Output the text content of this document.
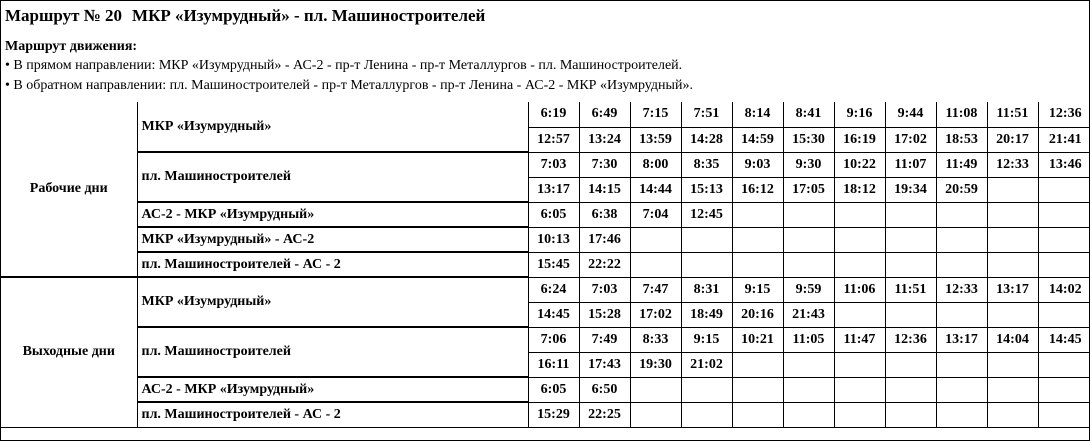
Маршрут № 20 МКР «Изумрудный» - пл. Машиностроителей

Маршрут движения:

• В прямом направлении: МКР «Изумрудный» - АС-2 - пр-т Ленина - пр-т Металлургов - пл. Машиностроителей.

• В обратном направлении: пл. Машиностроителей - пр-т Металлургов - пр-т Ленина - АС-2 - МКР «Изумрудный».

Рабочие дни	МКР «Изумрудный»	6:19	6:49	7:15	7:51	8:14	8:41	9:16	9:44	11:08	11:51	12:36
		12:57	13:24	13:59	14:28	14:59	15:30	16:19	17:02	18:53	20:17	21:41
	пл. Машиностроителей	7:03	7:30	8:00	8:35	9:03	9:30	10:22	11:07	11:49	12:33	13:46
		13:17	14:15	14:44	15:13	16:12	17:05	18:12	19:34	20:59		
	АС-2 - МКР «Изумрудный»	6:05	6:38	7:04	12:45							
	МКР «Изумрудный» - АС-2	10:13	17:46									
	пл. Машиностроителей - АС - 2	15:45	22:22									
Выходные дни	МКР «Изумрудный»	6:24	7:03	7:47	8:31	9:15	9:59	11:06	11:51	12:33	13:17	14:02
		14:45	15:28	17:02	18:49	20:16	21:43					
	пл. Машиностроителей	7:06	7:49	8:33	9:15	10:21	11:05	11:47	12:36	13:17	14:04	14:45
		16:11	17:43	19:30	21:02							
	АС-2 - МКР «Изумрудный»	6:05	6:50									
	пл. Машиностроителей - АС - 2	15:29	22:25									
